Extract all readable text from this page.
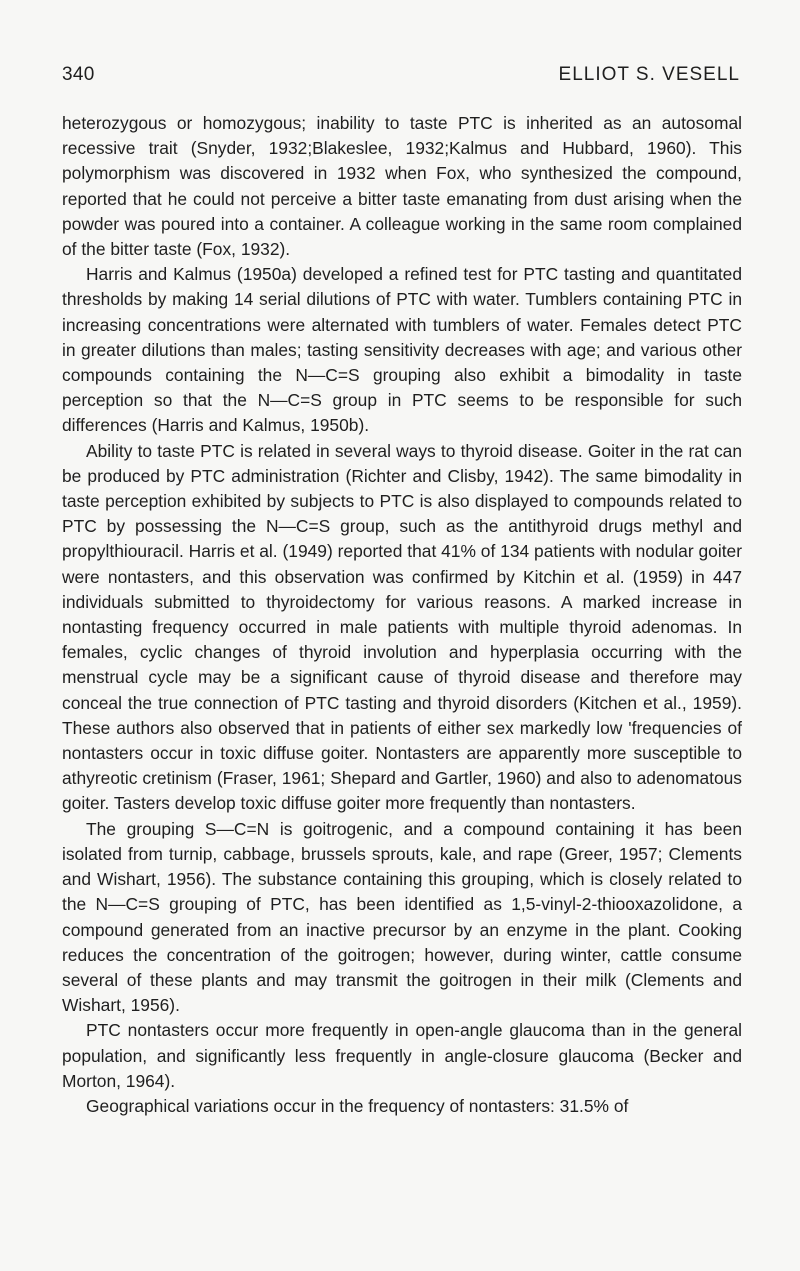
340	ELLIOT S. VESELL

heterozygous or homozygous; inability to taste PTC is inherited as an autosomal recessive trait (Snyder, 1932;Blakeslee, 1932;Kalmus and Hubbard, 1960). This polymorphism was discovered in 1932 when Fox, who synthesized the compound, reported that he could not perceive a bitter taste emanating from dust arising when the powder was poured into a container. A colleague working in the same room complained of the bitter taste (Fox, 1932).

Harris and Kalmus (1950a) developed a refined test for PTC tasting and quantitated thresholds by making 14 serial dilutions of PTC with water. Tumblers containing PTC in increasing concentrations were alternated with tumblers of water. Females detect PTC in greater dilutions than males; tasting sensitivity decreases with age; and various other compounds containing the N—C=S grouping also exhibit a bimodality in taste perception so that the N—C=S group in PTC seems to be responsible for such differences (Harris and Kalmus, 1950b).

Ability to taste PTC is related in several ways to thyroid disease. Goiter in the rat can be produced by PTC administration (Richter and Clisby, 1942). The same bimodality in taste perception exhibited by subjects to PTC is also displayed to compounds related to PTC by possessing the N—C=S group, such as the antithyroid drugs methyl and propylthiouracil. Harris et al. (1949) reported that 41% of 134 patients with nodular goiter were nontasters, and this observation was confirmed by Kitchin et al. (1959) in 447 individuals submitted to thyroidectomy for various reasons. A marked increase in nontasting frequency occurred in male patients with multiple thyroid adenomas. In females, cyclic changes of thyroid involution and hyperplasia occurring with the menstrual cycle may be a significant cause of thyroid disease and therefore may conceal the true connection of PTC tasting and thyroid disorders (Kitchen et al., 1959). These authors also observed that in patients of either sex markedly low 'frequencies of nontasters occur in toxic diffuse goiter. Nontasters are apparently more susceptible to athyreotic cretinism (Fraser, 1961; Shepard and Gartler, 1960) and also to adenomatous goiter. Tasters develop toxic diffuse goiter more frequently than nontasters.

The grouping S—C=N is goitrogenic, and a compound containing it has been isolated from turnip, cabbage, brussels sprouts, kale, and rape (Greer, 1957; Clements and Wishart, 1956). The substance containing this grouping, which is closely related to the N—C=S grouping of PTC, has been identified as 1,5-vinyl-2-thiooxazolidone, a compound generated from an inactive precursor by an enzyme in the plant. Cooking reduces the concentration of the goitrogen; however, during winter, cattle consume several of these plants and may transmit the goitrogen in their milk (Clements and Wishart, 1956).

PTC nontasters occur more frequently in open-angle glaucoma than in the general population, and significantly less frequently in angle-closure glaucoma (Becker and Morton, 1964).

Geographical variations occur in the frequency of nontasters: 31.5% of
